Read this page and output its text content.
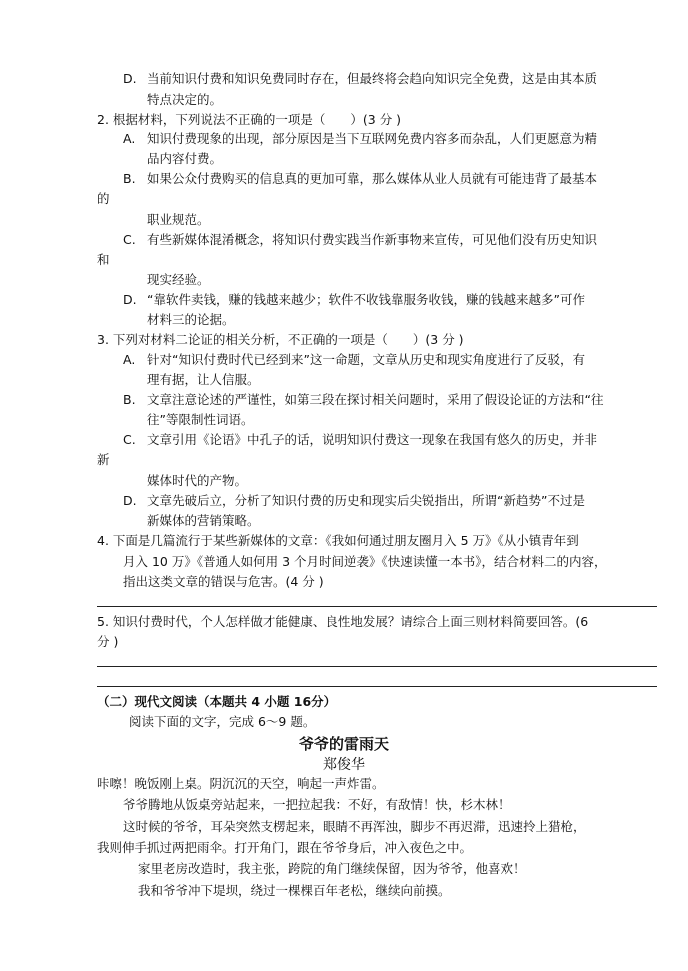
D. 当前知识付费和知识免费同时存在，但最终将会趋向知识完全免费，这是由其本质
特点决定的。
2. 根据材料，下列说法不正确的一项是（　　）(3 分 )
A. 知识付费现象的出现，部分原因是当下互联网免费内容多而杂乱，人们更愿意为精
品内容付费。
B. 如果公众付费购买的信息真的更加可靠，那么媒体从业人员就有可能违背了最基本
的
职业规范。
C. 有些新媒体混淆概念，将知识付费实践当作新事物来宣传，可见他们没有历史知识
和
现实经验。
D. “靠软件卖钱，赚的钱越来越少；软件不收钱靠服务收钱，赚的钱越来越多”可作
材料三的论据。
3. 下列对材料二论证的相关分析，不正确的一项是（　　）(3 分 )
A. 针对“知识付费时代已经到来”这一命题，文章从历史和现实角度进行了反驳，有
理有据，让人信服。
B. 文章注意论述的严谨性，如第三段在探讨相关问题时，采用了假设论证的方法和“往
往”等限制性词语。
C. 文章引用《论语》中孔子的话，说明知识付费这一现象在我国有悠久的历史，并非
新
媒体时代的产物。
D. 文章先破后立，分析了知识付费的历史和现实后尖锐指出，所谓“新趋势”不过是
新媒体的营销策略。
4. 下面是几篇流行于某些新媒体的文章：《我如何通过朋友圈月入 5 万》《从小镇青年到
月入 10 万》《普通人如何用 3 个月时间逆袭》《快速读懂一本书》，结合材料二的内容，
指出这类文章的错误与危害。(4 分 )
5. 知识付费时代，个人怎样做才能健康、良性地发展？请综合上面三则材料简要回答。(6
分 )
（二）现代文阅读（本题共 4 小题 16分）
阅读下面的文字，完成 6～9 题。
爷爷的雷雨天
郑俊华
咔嚓！晚饭刚上桌。阴沉沉的天空，响起一声炸雷。
爷爷腾地从饭桌旁站起来，一把拉起我：不好，有敌情！快，杉木林！
这时候的爷爷，耳朵突然支楞起来，眼睛不再浑浊，脚步不再迟滞，迅速拎上猎枪，
我则伸手抓过两把雨伞。打开角门，跟在爷爷身后，冲入夜色之中。
家里老房改造时，我主张，跨院的角门继续保留，因为爷爷，他喜欢！
我和爷爷冲下堤坝，绕过一棵棵百年老松，继续向前摸。
